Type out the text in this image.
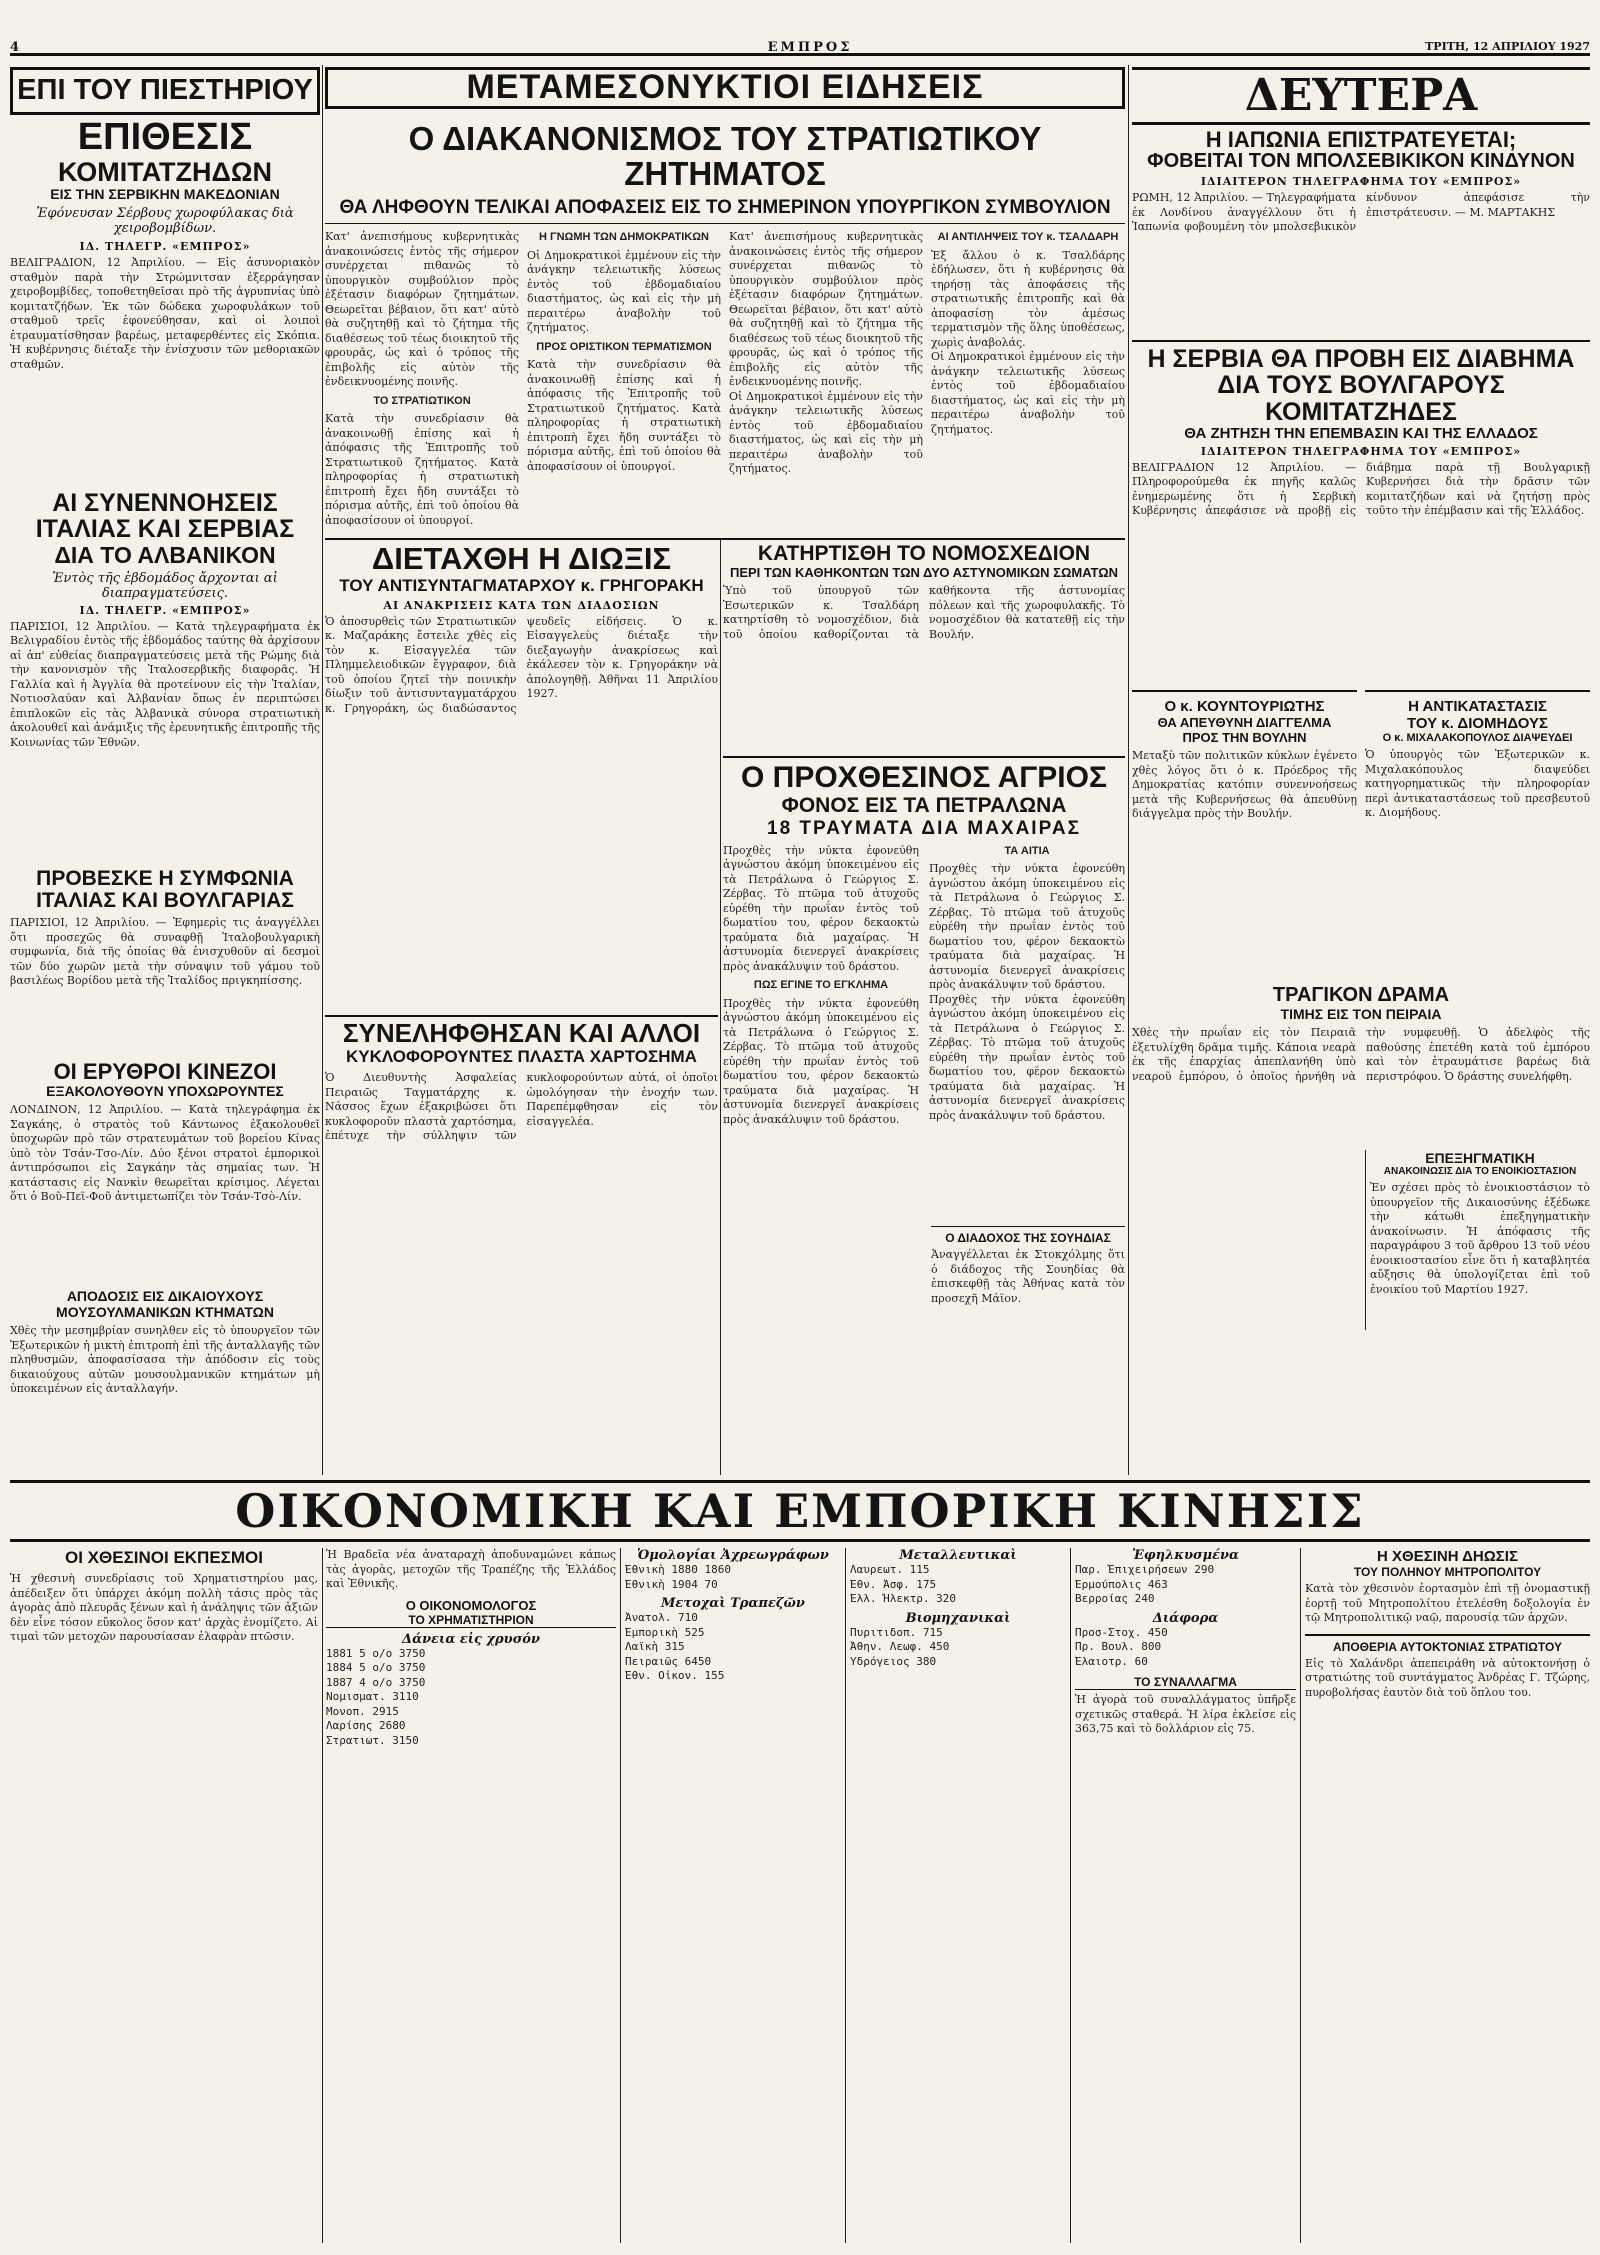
4	ΕΜΠΡΟΣ	ΤΡΙΤΗ, 12 ΑΠΡΙΛΙΟΥ 1927
ΕΠΙ ΤΟΥ ΠΙΕΣΤΗΡΙΟΥ
ΕΠΙΘΕΣΙΣ
ΚΟΜΙΤΑΤΖΗΔΩΝ
ΕΙΣ ΤΗΝ ΣΕΡΒΙΚΗΝ ΜΑΚΕΔΟΝΙΑΝ
Ἐφόνευσαν Σέρβους χωροφύλακας διὰ χειροβομβίδων.
ΙΔ. ΤΗΛΕΓΡ. «ΕΜΠΡΟΣ»
ΒΕΛΙΓΡΑΔΙΟΝ, 12 Ἀπριλίου. — Εἰς ἀσυνοριακὸν σταθμὸν παρὰ τὴν Στρώμνιτσαν ἐξερράγησαν χειροβομβίδες, τοποθετηθεῖσαι πρὸ τῆς ἀγρυπνίας ὑπὸ κομιτατζήδων. Ἐκ τῶν δώδεκα χωροφυλάκων τοῦ σταθμοῦ τρεῖς ἐφονεύθησαν, καὶ οἱ λοιποὶ ἐτραυματίσθησαν βαρέως, μεταφερθέντες εἰς Σκόπια. Ἡ κυβέρνησις διέταξε τὴν ἐνίσχυσιν τῶν μεθοριακῶν σταθμῶν.
ΑΙ ΣΥΝΕΝΝΟΗΣΕΙΣ
ΙΤΑΛΙΑΣ ΚΑΙ ΣΕΡΒΙΑΣ
ΔΙΑ ΤΟ ΑΛΒΑΝΙΚΟΝ
Ἐντὸς τῆς ἑβδομάδος ἄρχονται αἱ διαπραγματεύσεις.
ΙΔ. ΤΗΛΕΓΡ. «ΕΜΠΡΟΣ»
ΠΑΡΙΣΙΟΙ, 12 Ἀπριλίου. — Κατὰ τηλεγραφήματα ἐκ Βελιγραδίου ἐντὸς τῆς ἑβδομάδος ταύτης θὰ ἀρχίσουν αἱ ἀπ' εὐθείας διαπραγματεύσεις μετὰ τῆς Ρώμης διὰ τὴν κανονισμὸν τῆς Ἰταλοσερβικῆς διαφορᾶς. Ἡ Γαλλία καὶ ἡ Ἀγγλία θὰ προτείνουν εἰς τὴν Ἰταλίαν, Νοτιοσλαύαν καὶ Ἀλβανίαν ὅπως ἐν περιπτώσει ἐπιπλοκῶν εἰς τὰς Ἀλβανικὰ σύνορα στρατιωτικὴ ἀκολουθεῖ καὶ ἀνάμιξις τῆς ἐρευνητικῆς ἐπιτροπῆς τῆς Κοινωνίας τῶν Ἐθνῶν.
ΠΡΟΒΕΣΚΕ Η ΣΥΜΦΩΝΙΑ
ΙΤΑΛΙΑΣ ΚΑΙ ΒΟΥΛΓΑΡΙΑΣ
ΠΑΡΙΣΙΟΙ, 12 Ἀπριλίου. — Ἐφημερὶς τις ἀναγγέλλει ὅτι προσεχῶς θὰ συναφθῇ Ἰταλοβουλγαρικὴ συμφωνία, διὰ τῆς ὁποίας θὰ ἐνισχυθοῦν αἱ δεσμοὶ τῶν δύο χωρῶν μετὰ τὴν σύναψιν τοῦ γάμου τοῦ βασιλέως Βορίδου μετὰ τῆς Ἰταλίδος πριγκηπίσσης.
ΟΙ ΕΡΥΘΡΟΙ ΚΙΝΕΖΟΙ
ΕΞΑΚΟΛΟΥΘΟΥΝ ΥΠΟΧΩΡΟΥΝΤΕΣ
ΛΟΝΔΙΝΟΝ, 12 Ἀπριλίου. — Κατὰ τηλεγράφημα ἐκ Σαγκάης, ὁ στρατὸς τοῦ Κάντωνος ἐξακολουθεῖ ὑποχωρῶν πρὸ τῶν στρατευμάτων τοῦ βορείου Κίνας ὑπὸ τὸν Τσάν-Τσο-Λίν. Δύο ξένοι στρατοὶ ἐμπορικοὶ ἀντιπρόσωποι εἰς Σαγκάην τὰς σημαίας των. Ἡ κατάστασις εἰς Νανκὶν θεωρεῖται κρίσιμος. Λέγεται ὅτι ὁ Βοῦ-Πεϊ-Φοῦ ἀντιμετωπίζει τὸν Τσάν-Τσὸ-Λίν.
ΑΠΟΔΟΣΙΣ ΕΙΣ ΔΙΚΑΙΟΥΧΟΥΣ
ΜΟΥΣΟΥΛΜΑΝΙΚΩΝ ΚΤΗΜΑΤΩΝ
Χθὲς τὴν μεσημβρίαν συνηλθεν εἰς τὸ ὑπουργεῖον τῶν Ἐξωτερικῶν ἡ μικτὴ ἐπιτροπὴ ἐπὶ τῆς ἀνταλλαγῆς τῶν πληθυσμῶν, ἀποφασίσασα τὴν ἀπόδοσιν εἰς τοὺς δικαιούχους αὐτῶν μουσουλμανικῶν κτημάτων μὴ ὑποκειμένων εἰς ἀνταλλαγήν.
ΜΕΤΑΜΕΣΟΝΥΚΤΙΟΙ ΕΙΔΗΣΕΙΣ
Ο ΔΙΑΚΑΝΟΝΙΣΜΟΣ ΤΟΥ ΣΤΡΑΤΙΩΤΙΚΟΥ ΖΗΤΗΜΑΤΟΣ
ΘΑ ΛΗΦΘΟΥΝ ΤΕΛΙΚΑΙ ΑΠΟΦΑΣΕΙΣ ΕΙΣ ΤΟ ΣΗΜΕΡΙΝΟΝ ΥΠΟΥΡΓΙΚΟΝ ΣΥΜΒΟΥΛΙΟΝ
Κατ' ἀνεπισήμους κυβερνητικὰς ἀνακοινώσεις ἐντὸς τῆς σήμερον συνέρχεται πιθανῶς τὸ ὑπουργικὸν συμβούλιον πρὸς ἐξέτασιν διαφόρων ζητημάτων. Θεωρεῖται βέβαιον, ὅτι κατ' αὐτὸ θὰ συζητηθῇ καὶ τὸ ζήτημα τῆς διαθέσεως τοῦ τέως διοικητοῦ τῆς φρουρᾶς, ὡς καὶ ὁ τρόπος τῆς ἐπιβολῆς εἰς αὐτὸν τῆς ἐνδεικνυομένης ποινῆς.
ΤΟ ΣΤΡΑΤΙΩΤΙΚΟΝ
Κατὰ τὴν συνεδρίασιν θὰ ἀνακοινωθῇ ἐπίσης καὶ ἡ ἀπόφασις τῆς Ἐπιτροπῆς τοῦ Στρατιωτικοῦ ζητήματος. Κατὰ πληροφορίας ἡ στρατιωτικὴ ἐπιτροπὴ ἔχει ἤδη συντάξει τὸ πόρισμα αὐτῆς, ἐπὶ τοῦ ὁποίου θὰ ἀποφασίσουν οἱ ὑπουργοί.
Η ΓΝΩΜΗ ΤΩΝ ΔΗΜΟΚΡΑΤΙΚΩΝ
Οἱ Δημοκρατικοὶ ἐμμένουν εἰς τὴν ἀνάγκην τελειωτικῆς λύσεως ἐντὸς τοῦ ἐβδομαδιαίου διαστήματος, ὡς καὶ εἰς τὴν μὴ περαιτέρω ἀναβολὴν τοῦ ζητήματος.
ΠΡΟΣ ΟΡΙΣΤΙΚΟΝ ΤΕΡΜΑΤΙΣΜΟΝ
Κατὰ τὴν συνεδρίασιν θὰ ἀνακοινωθῇ ἐπίσης καὶ ἡ ἀπόφασις τῆς Ἐπιτροπῆς τοῦ Στρατιωτικοῦ ζητήματος. Κατὰ πληροφορίας ἡ στρατιωτικὴ ἐπιτροπὴ ἔχει ἤδη συντάξει τὸ πόρισμα αὐτῆς, ἐπὶ τοῦ ὁποίου θὰ ἀποφασίσουν οἱ ὑπουργοί.
Κατ' ἀνεπισήμους κυβερνητικὰς ἀνακοινώσεις ἐντὸς τῆς σήμερον συνέρχεται πιθανῶς τὸ ὑπουργικὸν συμβούλιον πρὸς ἐξέτασιν διαφόρων ζητημάτων. Θεωρεῖται βέβαιον, ὅτι κατ' αὐτὸ θὰ συζητηθῇ καὶ τὸ ζήτημα τῆς διαθέσεως τοῦ τέως διοικητοῦ τῆς φρουρᾶς, ὡς καὶ ὁ τρόπος τῆς ἐπιβολῆς εἰς αὐτὸν τῆς ἐνδεικνυομένης ποινῆς.
Οἱ Δημοκρατικοὶ ἐμμένουν εἰς τὴν ἀνάγκην τελειωτικῆς λύσεως ἐντὸς τοῦ ἐβδομαδιαίου διαστήματος, ὡς καὶ εἰς τὴν μὴ περαιτέρω ἀναβολὴν τοῦ ζητήματος.
ΑΙ ΑΝΤΙΛΗΨΕΙΣ ΤΟΥ κ. ΤΣΑΛΔΑΡΗ
Ἐξ ἄλλου ὁ κ. Τσαλδάρης ἐδήλωσεν, ὅτι ἡ κυβέρνησις θὰ τηρήσῃ τὰς ἀποφάσεις τῆς στρατιωτικῆς ἐπιτροπῆς καὶ θὰ ἀποφασίσῃ τὸν ἀμέσως τερματισμὸν τῆς ὅλης ὑποθέσεως, χωρὶς ἀναβολάς.
Οἱ Δημοκρατικοὶ ἐμμένουν εἰς τὴν ἀνάγκην τελειωτικῆς λύσεως ἐντὸς τοῦ ἐβδομαδιαίου διαστήματος, ὡς καὶ εἰς τὴν μὴ περαιτέρω ἀναβολὴν τοῦ ζητήματος.
ΔΙΕΤΑΧΘΗ Η ΔΙΩΞΙΣ
ΤΟΥ ΑΝΤΙΣΥΝΤΑΓΜΑΤΑΡΧΟΥ κ. ΓΡΗΓΟΡΑΚΗ
ΑΙ ΑΝΑΚΡΙΣΕΙΣ ΚΑΤΑ ΤΩΝ ΔΙΑΔΟΣΙΩΝ
Ὁ ἀποσυρθεὶς τῶν Στρατιωτικῶν κ. Μαζαράκης ἔστειλε χθὲς εἰς τὸν κ. Εἰσαγγελέα τῶν Πλημμελειοδικῶν ἔγγραφον, διὰ τοῦ ὁποίου ζητεῖ τὴν ποινικὴν δίωξιν τοῦ ἀντισυνταγματάρχου κ. Γρηγοράκη, ὡς διαδώσαντος ψευδεῖς εἰδήσεις. Ὁ κ. Εἰσαγγελεὺς διέταξε τὴν διεξαγωγὴν ἀνακρίσεως καὶ ἐκάλεσεν τὸν κ. Γρηγοράκην νὰ ἀπολογηθῇ. Ἀθῆναι 11 Ἀπριλίου 1927.
ΣΥΝΕΛΗΦΘΗΣΑΝ ΚΑΙ ΑΛΛΟΙ
ΚΥΚΛΟΦΟΡΟΥΝΤΕΣ ΠΛΑΣΤΑ ΧΑΡΤΟΣΗΜΑ
Ὁ Διευθυντὴς Ἀσφαλείας Πειραιῶς Ταγματάρχης κ. Νάσσος ἔχων ἐξακριβώσει ὅτι κυκλοφοροῦν πλαστὰ χαρτόσημα, ἐπέτυχε τὴν σύλληψιν τῶν κυκλοφορούντων αὐτά, οἱ ὁποῖοι ὡμολόγησαν τὴν ἐνοχήν των. Παρεπέμφθησαν εἰς τὸν εἰσαγγελέα.
ΚΑΤΗΡΤΙΣΘΗ ΤΟ ΝΟΜΟΣΧΕΔΙΟΝ
ΠΕΡΙ ΤΩΝ ΚΑΘΗΚΟΝΤΩΝ ΤΩΝ ΔΥΟ ΑΣΤΥΝΟΜΙΚΩΝ ΣΩΜΑΤΩΝ
Ὑπὸ τοῦ ὑπουργοῦ τῶν Ἐσωτερικῶν κ. Τσαλδάρη κατηρτίσθη τὸ νομοσχέδιον, διὰ τοῦ ὁποίου καθορίζονται τὰ καθήκοντα τῆς ἀστυνομίας πόλεων καὶ τῆς χωροφυλακῆς. Τὸ νομοσχέδιον θὰ κατατεθῇ εἰς τὴν Βουλήν.
Ο ΠΡΟΧΘΕΣΙΝΟΣ ΑΓΡΙΟΣ
ΦΟΝΟΣ ΕΙΣ ΤΑ ΠΕΤΡΑΛΩΝΑ
18 ΤΡΑΥΜΑΤΑ ΔΙΑ ΜΑΧΑΙΡΑΣ
Προχθὲς τὴν νύκτα ἐφονεύθη ἀγνώστου ἀκόμη ὑποκειμένου εἰς τὰ Πετράλωνα ὁ Γεώργιος Σ. Ζέρβας. Τὸ πτῶμα τοῦ ἀτυχοῦς εὑρέθη τὴν πρωΐαν ἐντὸς τοῦ δωματίου του, φέρον δεκαοκτὼ τραύματα διὰ μαχαίρας. Ἡ ἀστυνομία διενεργεῖ ἀνακρίσεις πρὸς ἀνακάλυψιν τοῦ δράστου.
ΠΩΣ ΕΓΙΝΕ ΤΟ ΕΓΚΛΗΜΑ
Προχθὲς τὴν νύκτα ἐφονεύθη ἀγνώστου ἀκόμη ὑποκειμένου εἰς τὰ Πετράλωνα ὁ Γεώργιος Σ. Ζέρβας. Τὸ πτῶμα τοῦ ἀτυχοῦς εὑρέθη τὴν πρωΐαν ἐντὸς τοῦ δωματίου του, φέρον δεκαοκτὼ τραύματα διὰ μαχαίρας. Ἡ ἀστυνομία διενεργεῖ ἀνακρίσεις πρὸς ἀνακάλυψιν τοῦ δράστου.
ΤΑ ΑΙΤΙΑ
Προχθὲς τὴν νύκτα ἐφονεύθη ἀγνώστου ἀκόμη ὑποκειμένου εἰς τὰ Πετράλωνα ὁ Γεώργιος Σ. Ζέρβας. Τὸ πτῶμα τοῦ ἀτυχοῦς εὑρέθη τὴν πρωΐαν ἐντὸς τοῦ δωματίου του, φέρον δεκαοκτὼ τραύματα διὰ μαχαίρας. Ἡ ἀστυνομία διενεργεῖ ἀνακρίσεις πρὸς ἀνακάλυψιν τοῦ δράστου.
Προχθὲς τὴν νύκτα ἐφονεύθη ἀγνώστου ἀκόμη ὑποκειμένου εἰς τὰ Πετράλωνα ὁ Γεώργιος Σ. Ζέρβας. Τὸ πτῶμα τοῦ ἀτυχοῦς εὑρέθη τὴν πρωΐαν ἐντὸς τοῦ δωματίου του, φέρον δεκαοκτὼ τραύματα διὰ μαχαίρας. Ἡ ἀστυνομία διενεργεῖ ἀνακρίσεις πρὸς ἀνακάλυψιν τοῦ δράστου.
Ο ΔΙΑΔΟΧΟΣ ΤΗΣ ΣΟΥΗΔΙΑΣ
Ἀναγγέλλεται ἐκ Στοκχόλμης ὅτι ὁ διάδοχος τῆς Σουηδίας θὰ ἐπισκεφθῇ τὰς Ἀθήνας κατὰ τὸν προσεχῆ Μάϊον.
ΔΕΥΤΕΡΑ
Η ΙΑΠΩΝΙΑ ΕΠΙΣΤΡΑΤΕΥΕΤΑΙ;
ΦΟΒΕΙΤΑΙ ΤΟΝ ΜΠΟΛΣΕΒΙΚΙΚΟΝ ΚΙΝΔΥΝΟΝ
ΙΔΙΑΙΤΕΡΟΝ ΤΗΛΕΓΡΑΦΗΜΑ ΤΟΥ «ΕΜΠΡΟΣ»
ΡΩΜΗ, 12 Ἀπριλίου. — Τηλεγραφήματα ἐκ Λονδίνου ἀναγγέλλουν ὅτι ἡ Ἰαπωνία φοβουμένη τὸν μπολσεβικικὸν κίνδυνον ἀπεφάσισε τὴν ἐπιστράτευσιν. — Μ. ΜΑΡΤΑΚΗΣ
Η ΣΕΡΒΙΑ ΘΑ ΠΡΟΒΗ ΕΙΣ ΔΙΑΒΗΜΑ
ΔΙΑ ΤΟΥΣ ΒΟΥΛΓΑΡΟΥΣ ΚΟΜΙΤΑΤΖΗΔΕΣ
ΘΑ ΖΗΤΗΣΗ ΤΗΝ ΕΠΕΜΒΑΣΙΝ ΚΑΙ ΤΗΣ ΕΛΛΑΔΟΣ
ΙΔΙΑΙΤΕΡΟΝ ΤΗΛΕΓΡΑΦΗΜΑ ΤΟΥ «ΕΜΠΡΟΣ»
ΒΕΛΙΓΡΑΔΙΟΝ 12 Ἀπριλίου. — Πληροφορούμεθα ἐκ πηγῆς καλῶς ἐνημερωμένης ὅτι ἡ Σερβικὴ Κυβέρνησις ἀπεφάσισε νὰ προβῇ εἰς διάβημα παρὰ τῇ Βουλγαρικῇ Κυβερνήσει διὰ τὴν δρᾶσιν τῶν κομιτατζήδων καὶ νὰ ζητήσῃ πρὸς τοῦτο τὴν ἐπέμβασιν καὶ τῆς Ἑλλάδος.
Ο κ. ΚΟΥΝΤΟΥΡΙΩΤΗΣ
ΘΑ ΑΠΕΥΘΥΝΗ ΔΙΑΓΓΕΛΜΑ
ΠΡΟΣ ΤΗΝ ΒΟΥΛΗΝ
Μεταξὺ τῶν πολιτικῶν κύκλων ἐγένετο χθὲς λόγος ὅτι ὁ κ. Πρόεδρος τῆς Δημοκρατίας κατόπιν συνεννοήσεως μετὰ τῆς Κυβερνήσεως θὰ ἀπευθύνῃ διάγγελμα πρὸς τὴν Βουλήν.
Η ΑΝΤΙΚΑΤΑΣΤΑΣΙΣ
ΤΟΥ κ. ΔΙΟΜΗΔΟΥΣ
Ο κ. ΜΙΧΑΛΑΚΟΠΟΥΛΟΣ ΔΙΑΨΕΥΔΕΙ
Ὁ ὑπουργὸς τῶν Ἐξωτερικῶν κ. Μιχαλακόπουλος διαψεύδει κατηγορηματικῶς τὴν πληροφορίαν περὶ ἀντικαταστάσεως τοῦ πρεσβευτοῦ κ. Διομήδους.
ΤΡΑΓΙΚΟΝ ΔΡΑΜΑ
ΤΙΜΗΣ ΕΙΣ ΤΟΝ ΠΕΙΡΑΙΑ
Χθὲς τὴν πρωΐαν εἰς τὸν Πειραιᾶ ἐξετυλίχθη δρᾶμα τιμῆς. Κάποια νεαρὰ ἐκ τῆς ἐπαρχίας ἀπεπλανήθη ὑπὸ νεαροῦ ἐμπόρου, ὁ ὁποῖος ἠρνήθη νὰ τὴν νυμφευθῇ. Ὁ ἀδελφὸς τῆς παθούσης ἐπετέθη κατὰ τοῦ ἐμπόρου καὶ τὸν ἐτραυμάτισε βαρέως διὰ περιστρόφου. Ὁ δράστης συνελήφθη.
ΕΠΕΞΗΓΜΑΤΙΚΗ
ΑΝΑΚΟΙΝΩΣΙΣ ΔΙΑ ΤΟ ΕΝΟΙΚΙΟΣΤΑΣΙΟΝ
Ἐν σχέσει πρὸς τὸ ἐνοικιοστάσιον τὸ ὑπουργεῖον τῆς Δικαιοσύνης ἐξέδωκε τὴν κάτωθι ἐπεξηγηματικὴν ἀνακοίνωσιν. Ἡ ἀπόφασις τῆς παραγράφου 3 τοῦ ἄρθρου 13 τοῦ νέου ἐνοικιοστασίου εἶνε ὅτι ἡ καταβλητέα αὔξησις θὰ ὑπολογίζεται ἐπὶ τοῦ ἐνοικίου τοῦ Μαρτίου 1927.
ΟΙΚΟΝΟΜΙΚΗ ΚΑΙ ΕΜΠΟΡΙΚΗ ΚΙΝΗΣΙΣ
ΟΙ ΧΘΕΣΙΝΟΙ ΕΚΠΕΣΜΟΙ
Ἡ χθεσινὴ συνεδρίασις τοῦ Χρηματιστηρίου μας, ἀπέδειξεν ὅτι ὑπάρχει ἀκόμη πολλὴ τάσις πρὸς τὰς ἀγορὰς ἀπὸ πλευρᾶς ξένων καὶ ἡ ἀνάληψις τῶν ἀξιῶν δὲν εἶνε τόσον εὔκολος ὅσον κατ' ἀρχὰς ἐνομίζετο. Αἱ τιμαὶ τῶν μετοχῶν παρουσίασαν ἐλαφρὰν πτῶσιν.
Ἡ Βραδεῖα νέα ἀναταραχὴ ἀποδυναμώνει κάπως τὰς ἀγορὰς, μετοχῶν τῆς Τραπέζης τῆς Ἑλλάδος καὶ Ἐθνικῆς.
Ο ΟΙΚΟΝΟΜΟΛΟΓΟΣ
ΤΟ ΧΡΗΜΑΤΙΣΤΗΡΙΟΝ
Δάνεια εἰς χρυσόν
1881 5 ο/ο 3750
1884 5 ο/ο 3750
1887 4 ο/ο 3750
Νομισματ. 3110
Μονοπ. 2915
Λαρίσης 2680
Στρατιωτ. 3150
Ὁμολογίαι Ἀχρεωγράφων
Ἐθνικὴ 1880 1860
Ἐθνικὴ 1904 70
Μετοχαὶ Τραπεζῶν
Ἀνατολ. 710
Ἐμπορικὴ 525
Λαϊκὴ 315
Πειραιῶς 6450
Ἐθν. Οἰκον. 155
Μεταλλευτικαὶ
Λαυρεωτ. 115
Ἐθν. Ἀσφ. 175
Ἑλλ. Ἠλεκτρ. 320
Βιομηχανικαὶ
Πυριτιδοπ. 715
Ἀθην. Λεωφ. 450
Ὑδρόγειος 380
Ἐφηλκυσμένα
Παρ. Ἐπιχειρήσεων 290
Ἑρμούπολις 463
Βερροίας 240
Διάφορα
Προσ-Στοχ. 450
Πρ. Βουλ. 800
Ἐλαιοτρ. 60
ΤΟ ΣΥΝΑΛΛΑΓΜΑ
Ἡ ἀγορὰ τοῦ συναλλάγματος ὑπῆρξε σχετικῶς σταθερά. Ἡ λίρα ἐκλείσε εἰς 363,75 καὶ τὸ δολλάριον εἰς 75.
Η ΧΘΕΣΙΝΗ ΔΗΩΣΙΣ
ΤΟΥ ΠΟΛΗΝΟΥ ΜΗΤΡΟΠΟΛΙΤΟΥ
Κατὰ τὸν χθεσινὸν ἑορτασμὸν ἐπὶ τῇ ὀνομαστικῇ ἑορτῇ τοῦ Μητροπολίτου ἐτελέσθη δοξολογία ἐν τῷ Μητροπολιτικῷ ναῷ, παρουσίᾳ τῶν ἀρχῶν.
ΑΠΟΘΕΡΙΑ ΑΥΤΟΚΤΟΝΙΑΣ ΣΤΡΑΤΙΩΤΟΥ
Εἰς τὸ Χαλάνδρι ἀπεπειράθη νὰ αὐτοκτονήσῃ ὁ στρατιώτης τοῦ συντάγματος Ἀνδρέας Γ. Τζώρης, πυροβολήσας ἑαυτὸν διὰ τοῦ ὅπλου του.
